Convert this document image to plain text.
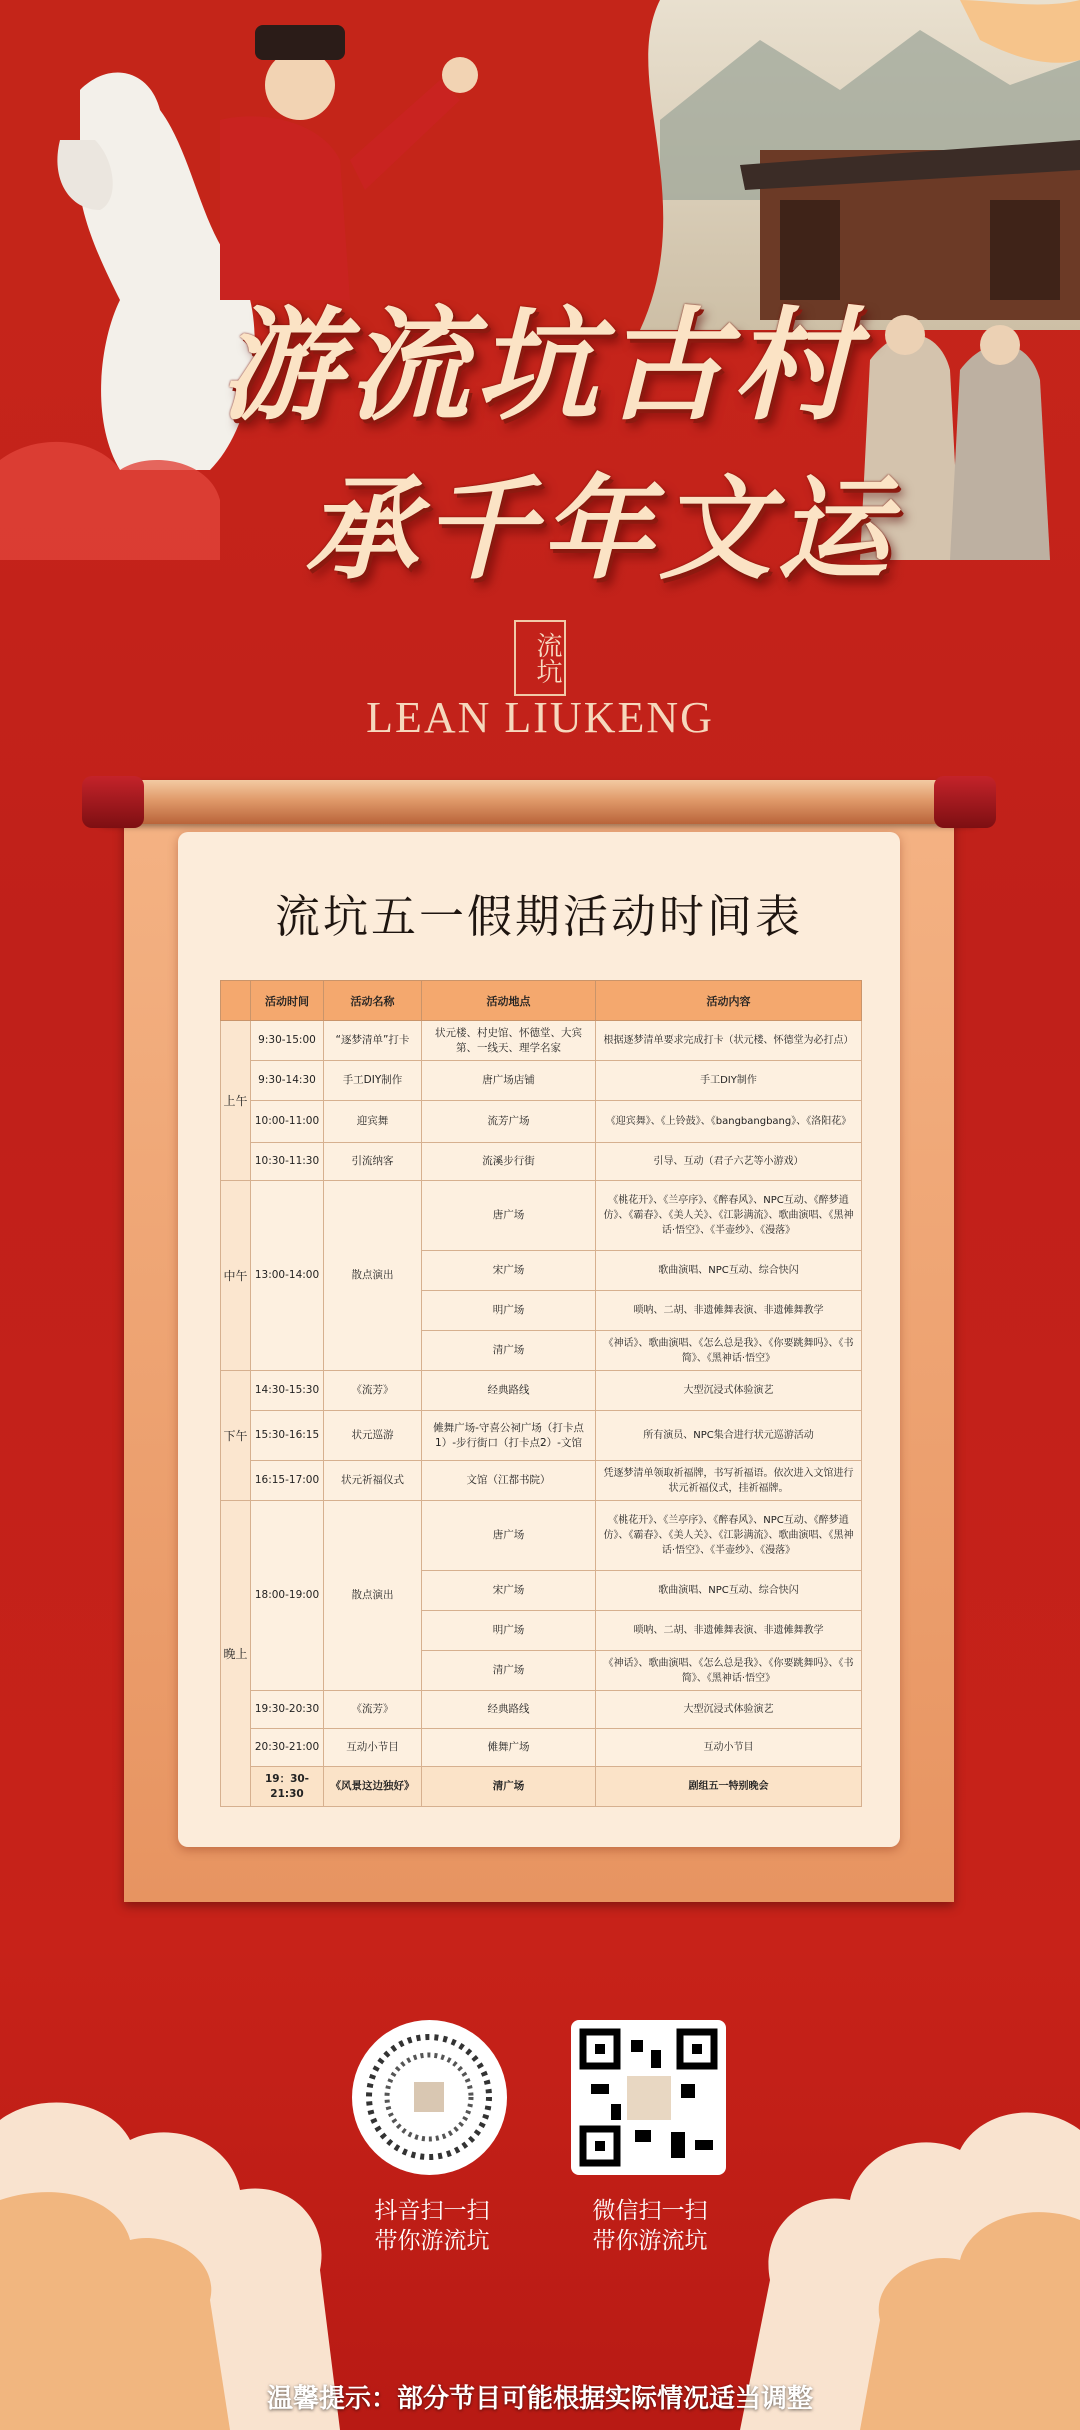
游流坑古村
承千年文运
流坑
LEAN LIUKENG
流坑五一假期活动时间表
	活动时间	活动名称	活动地点	活动内容
上午	9:30-15:00	“逐梦清单”打卡	状元楼、村史馆、怀德堂、大宾第、一线天、理学名家	根据逐梦清单要求完成打卡（状元楼、怀德堂为必打点）
	9:30-14:30	手工DIY制作	唐广场店铺	手工DIY制作
	10:00-11:00	迎宾舞	流芳广场	《迎宾舞》、《上铃鼓》、《bangbangbang》、《洛阳花》
	10:30-11:30	引流纳客	流溪步行街	引导、互动（君子六艺等小游戏）
中午	13:00-14:00	散点演出	唐广场	《桃花开》、《兰亭序》、《醉春风》、NPC互动、《醉梦逍仿》、《霸春》、《美人关》、《江影满流》、歌曲演唱、《黑神话·悟空》、《半壶纱》、《漫落》
			宋广场	歌曲演唱、NPC互动、综合快闪
			明广场	唢呐、二胡、非遗傩舞表演、非遗傩舞教学
			清广场	《神话》、歌曲演唱、《怎么总是我》、《你要跳舞吗》、《书简》、《黑神话·悟空》
下午	14:30-15:30	《流芳》	经典路线	大型沉浸式体验演艺
	15:30-16:15	状元巡游	傩舞广场-守喜公祠广场（打卡点1）-步行街口（打卡点2）-文馆	所有演员、NPC集合进行状元巡游活动
	16:15-17:00	状元祈福仪式	文馆（江都书院）	凭逐梦清单领取祈福牌，书写祈福语。依次进入文馆进行状元祈福仪式，挂祈福牌。
晚上	18:00-19:00	散点演出	唐广场	《桃花开》、《兰亭序》、《醉春风》、NPC互动、《醉梦逍仿》、《霸春》、《美人关》、《江影满流》、歌曲演唱、《黑神话·悟空》、《半壶纱》、《漫落》
			宋广场	歌曲演唱、NPC互动、综合快闪
			明广场	唢呐、二胡、非遗傩舞表演、非遗傩舞教学
			清广场	《神话》、歌曲演唱、《怎么总是我》、《你要跳舞吗》、《书简》、《黑神话·悟空》
	19:30-20:30	《流芳》	经典路线	大型沉浸式体验演艺
	20:30-21:00	互动小节目	傩舞广场	互动小节目
	19：30-21:30	《风景这边独好》	清广场	剧组五一特别晚会
抖音扫一扫
带你游流坑
微信扫一扫
带你游流坑
温馨提示：部分节目可能根据实际情况适当调整
